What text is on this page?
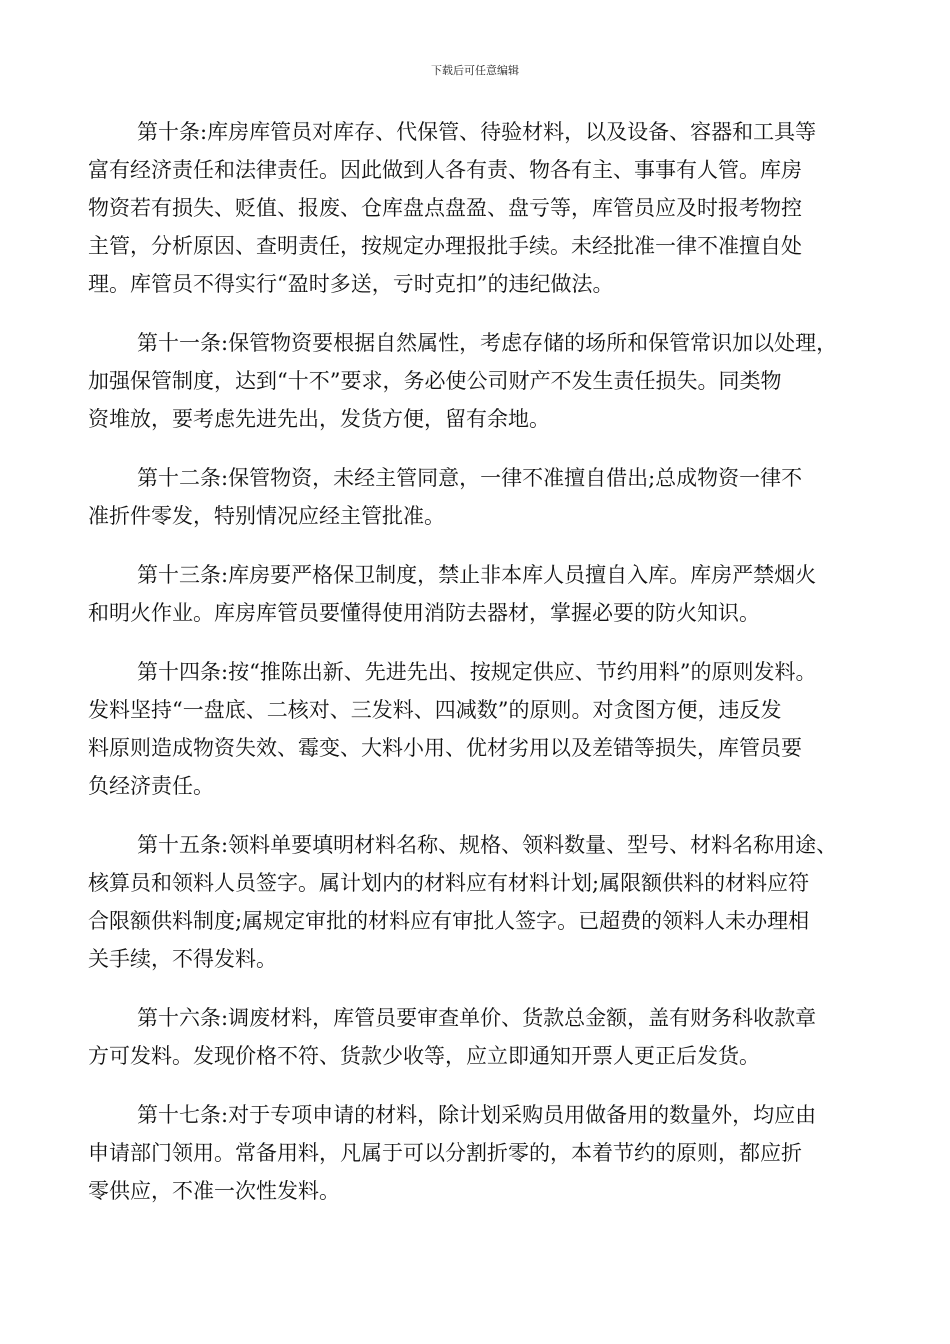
下载后可任意编辑
第十条:库房库管员对库存、代保管、待验材料，以及设备、容器和工具等
富有经济责任和法律责任。因此做到人各有责、物各有主、事事有人管。库房
物资若有损失、贬值、报废、仓库盘点盘盈、盘亏等，库管员应及时报考物控
主管，分析原因、查明责任，按规定办理报批手续。未经批准一律不准擅自处
理。库管员不得实行“盈时多送，亏时克扣”的违纪做法。
第十一条:保管物资要根据自然属性，考虑存储的场所和保管常识加以处理，
加强保管制度，达到“十不”要求，务必使公司财产不发生责任损失。同类物
资堆放，要考虑先进先出，发货方便，留有余地。
第十二条:保管物资，未经主管同意，一律不准擅自借出;总成物资一律不
准折件零发，特别情况应经主管批准。
第十三条:库房要严格保卫制度，禁止非本库人员擅自入库。库房严禁烟火
和明火作业。库房库管员要懂得使用消防去器材，掌握必要的防火知识。
第十四条:按“推陈出新、先进先出、按规定供应、节约用料”的原则发料。
发料坚持“一盘底、二核对、三发料、四减数”的原则。对贪图方便，违反发
料原则造成物资失效、霉变、大料小用、优材劣用以及差错等损失，库管员要
负经济责任。
第十五条:领料单要填明材料名称、规格、领料数量、型号、材料名称用途、
核算员和领料人员签字。属计划内的材料应有材料计划;属限额供料的材料应符
合限额供料制度;属规定审批的材料应有审批人签字。已超费的领料人未办理相
关手续，不得发料。
第十六条:调废材料，库管员要审查单价、货款总金额，盖有财务科收款章
方可发料。发现价格不符、货款少收等，应立即通知开票人更正后发货。
第十七条:对于专项申请的材料，除计划采购员用做备用的数量外，均应由
申请部门领用。常备用料，凡属于可以分割折零的，本着节约的原则，都应折
零供应，不准一次性发料。
